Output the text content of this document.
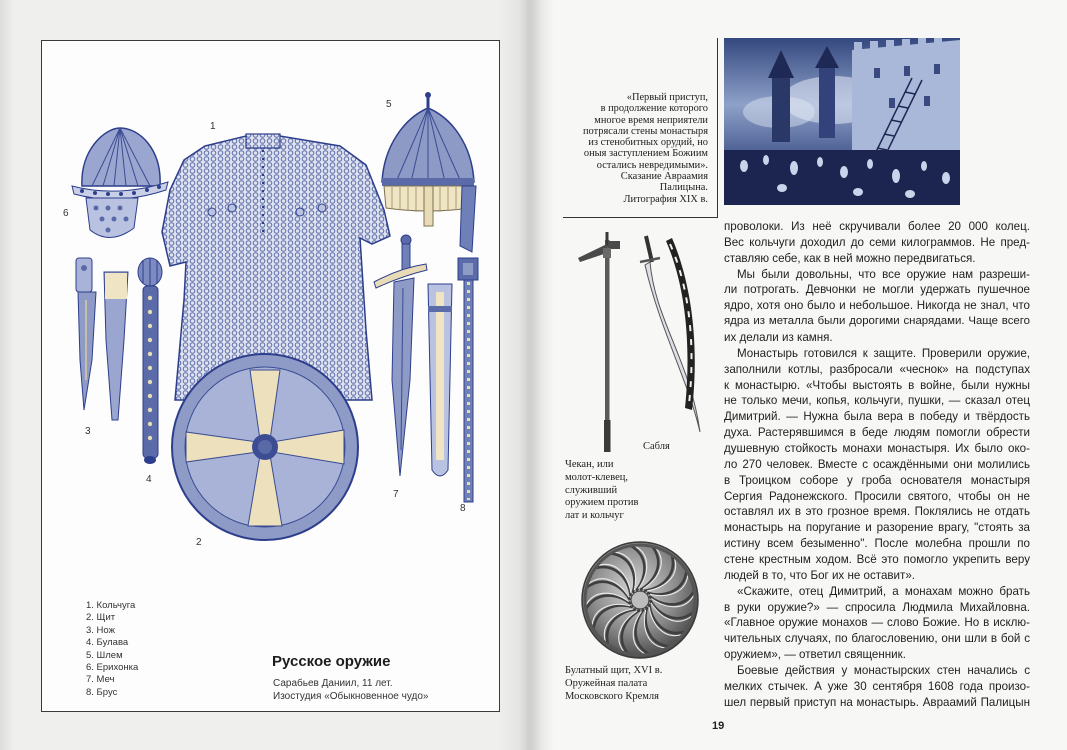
1
2
3
4
5
6
7
8
1. Кольчуга
2. Щит
3. Нож
4. Булава
5. Шлем
6. Ерихонка
7. Меч
8. Брус
Русское оружие
Сарабьев Даниил, 11 лет.
Изостудия «Обыкновенное чудо»
«Первый приступ,
в продолжение которого
многое время неприятели
потрясали стены монастыря
из стенобитных орудий, но
оныя заступлением Божиим
остались невредимыми».
Сказание Авраамия
Палицына.
Литография XIX в.
Сабля
Чекан, или
молот-клевец,
служивший
оружием против
лат и кольчуг
Булатный щит, XVI в.
Оружейная палата
Московского Кремля
проволоки. Из неё скручивали более 20 000 колец.
Вес кольчуги доходил до семи килограммов. Не пред-
ставляю себе, как в ней можно передвигаться.
Мы были довольны, что все оружие нам разреши-
ли потрогать. Девчонки не могли удержать пушечное
ядро, хотя оно было и небольшое. Никогда не знал, что
ядра из металла были дорогими снарядами. Чаще всего
их делали из камня.
Монастырь готовился к защите. Проверили оружие,
заполнили котлы, разбросали «чеснок» на подступах
к монастырю. «Чтобы выстоять в войне, были нужны
не только мечи, копья, кольчуги, пушки, — сказал отец
Димитрий. — Нужна была вера в победу и твёрдость
духа. Растерявшимся в беде людям помогли обрести
душевную стойкость монахи монастыря. Их было око-
ло 270 человек. Вместе с осаждёнными они молились
в Троицком соборе у гроба основателя монастыря
Сергия Радонежского. Просили святого, чтобы он не
оставлял их в это грозное время. Поклялись не отдать
монастырь на поругание и разорение врагу, "стоять за
истину всем безыменно". После молебна прошли по
стене крестным ходом. Всё это помогло укрепить веру
людей в то, что Бог их не оставит».
«Скажите, отец Димитрий, а монахам можно брать
в руки оружие?» — спросила Людмила Михайловна.
«Главное оружие монахов — слово Божие. Но в исклю-
чительных случаях, по благословению, они шли в бой с
оружием», — ответил священник.
Боевые действия у монастырских стен начались с
мелких стычек. А уже 30 сентября 1608 года произо-
шел первый приступ на монастырь. Авраамий Палицын
19
